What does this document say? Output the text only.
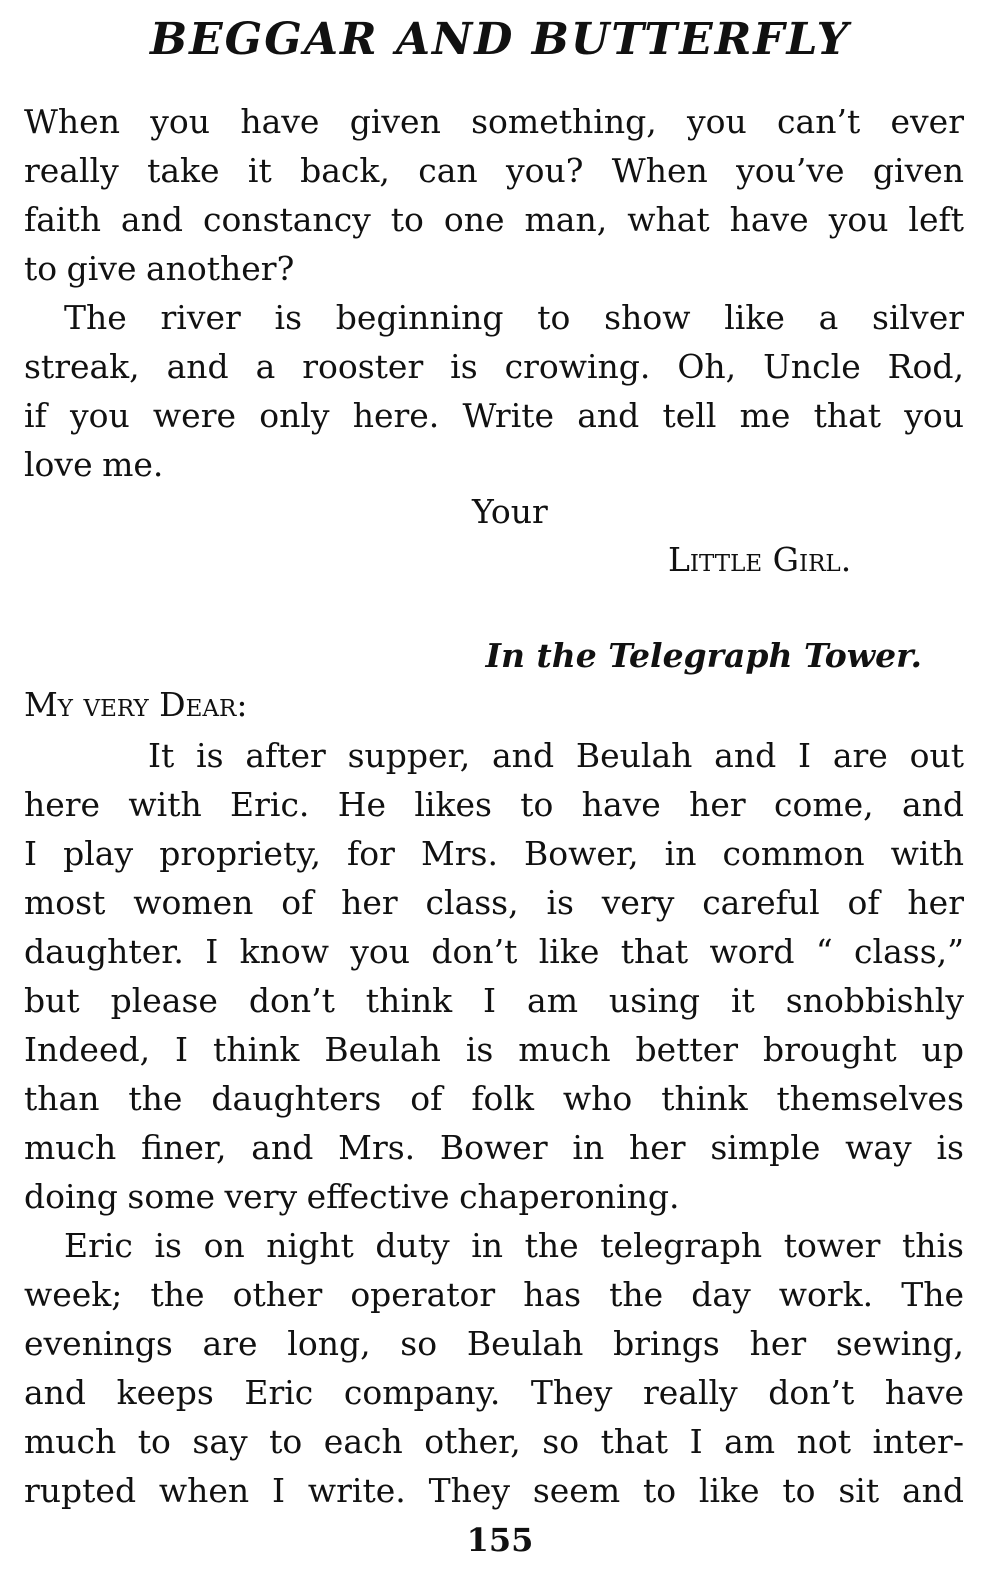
BEGGAR AND BUTTERFLY
When you have given something, you can’t ever
really take it back, can you? When you’ve given
faith and constancy to one man, what have you left
to give another?
The river is beginning to show like a silver
streak, and a rooster is crowing. Oh, Uncle Rod,
if you were only here. Write and tell me that you
love me.
Your
Little Girl.
In the Telegraph Tower.
My very Dear:
It is after supper, and Beulah and I are out
here with Eric. He likes to have her come, and
I play propriety, for Mrs. Bower, in common with
most women of her class, is very careful of her
daughter. I know you don’t like that word “ class,”
but please don’t think I am using it snobbishly
Indeed, I think Beulah is much better brought up
than the daughters of folk who think themselves
much finer, and Mrs. Bower in her simple way is
doing some very effective chaperoning.
Eric is on night duty in the telegraph tower this
week; the other operator has the day work. The
evenings are long, so Beulah brings her sewing,
and keeps Eric company. They really don’t have
much to say to each other, so that I am not inter-
rupted when I write. They seem to like to sit and
155
